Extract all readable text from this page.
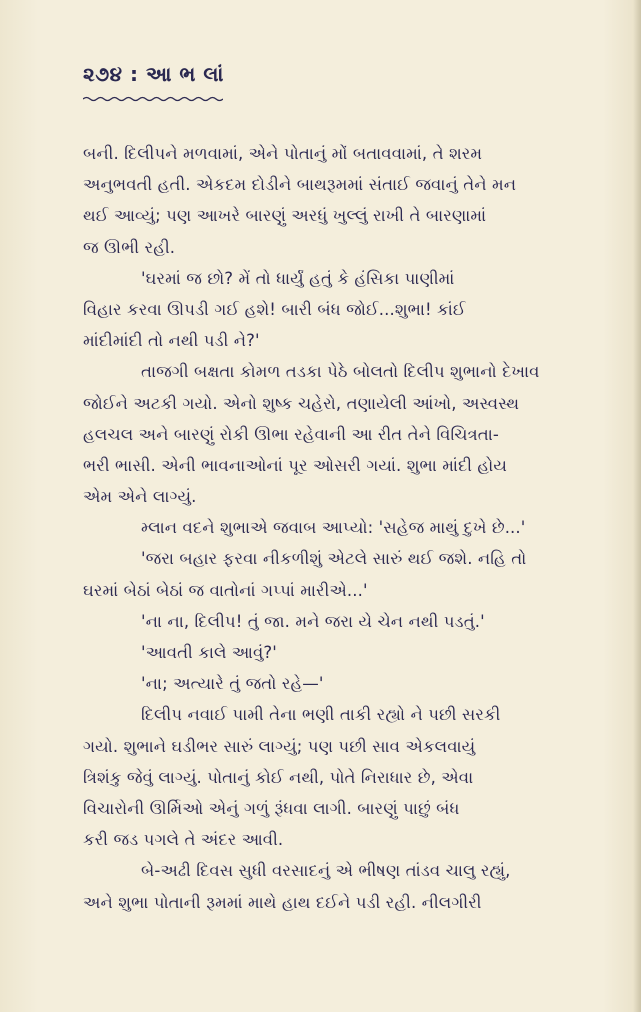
૨૭૪ : આ ભ લાં
બની. દિલીપને મળવામાં, એને પોતાનું મોં બતાવવામાં, તે શરમ
અનુભવતી હતી. એકદમ દોડીને બાથરૂમમાં સંતાઈ જવાનું તેને મન
થઈ આવ્યું; પણ આખરે બારણું અરધું ખુલ્લું રાખી તે બારણામાં
જ ઊભી રહી.
'ઘરમાં જ છો? મેં તો ધાર્યું હતું કે હંસિકા પાણીમાં
વિહાર કરવા ઊપડી ગઈ હશે! બારી બંધ જોઈ...શુભા! કાંઈ
માંદીમાંદી તો નથી પડી ને?'
તાજગી બક્ષતા કોમળ તડકા પેઠે બોલતો દિલીપ શુભાનો દેખાવ
જોઈને અટકી ગયો. એનો શુષ્ક ચહેરો, તણાયેલી આંખો, અસ્વસ્થ
હલચલ અને બારણું રોકી ઊભા રહેવાની આ રીત તેને વિચિત્રતા-
ભરી ભાસી. એની ભાવનાઓનાં પૂર ઓસરી ગયાં. શુભા માંદી હોય
એમ એને લાગ્યું.
મ્લાન વદને શુભાએ જવાબ આપ્યો: 'સહેજ માથું દુખે છે...'
'જરા બહાર ફરવા નીકળીશું એટલે સારું થઈ જશે. નહિ તો
ઘરમાં બેઠાં બેઠાં જ વાતોનાં ગપ્પાં મારીએ...'
'ના ના, દિલીપ! તું જા. મને જરા યે ચેન નથી પડતું.'
'આવતી કાલે આવું?'
'ના; અત્યારે તું જતો રહે—'
દિલીપ નવાઈ પામી તેના ભણી તાકી રહ્યો ને પછી સરકી
ગયો. શુભાને ઘડીભર સારું લાગ્યું; પણ પછી સાવ એકલવાયું
ત્રિશંકુ જેવું લાગ્યું. પોતાનું કોઈ નથી, પોતે નિરાધાર છે, એવા
વિચારોની ઊર્મિઓ એનું ગળું રૂંધવા લાગી. બારણું પાછું બંધ
કરી જડ પગલે તે અંદર આવી.
બે-અઢી દિવસ સુધી વરસાદનું એ ભીષણ તાંડવ ચાલુ રહ્યું,
અને શુભા પોતાની રૂમમાં માથે હાથ દઈને પડી રહી. નીલગીરી
